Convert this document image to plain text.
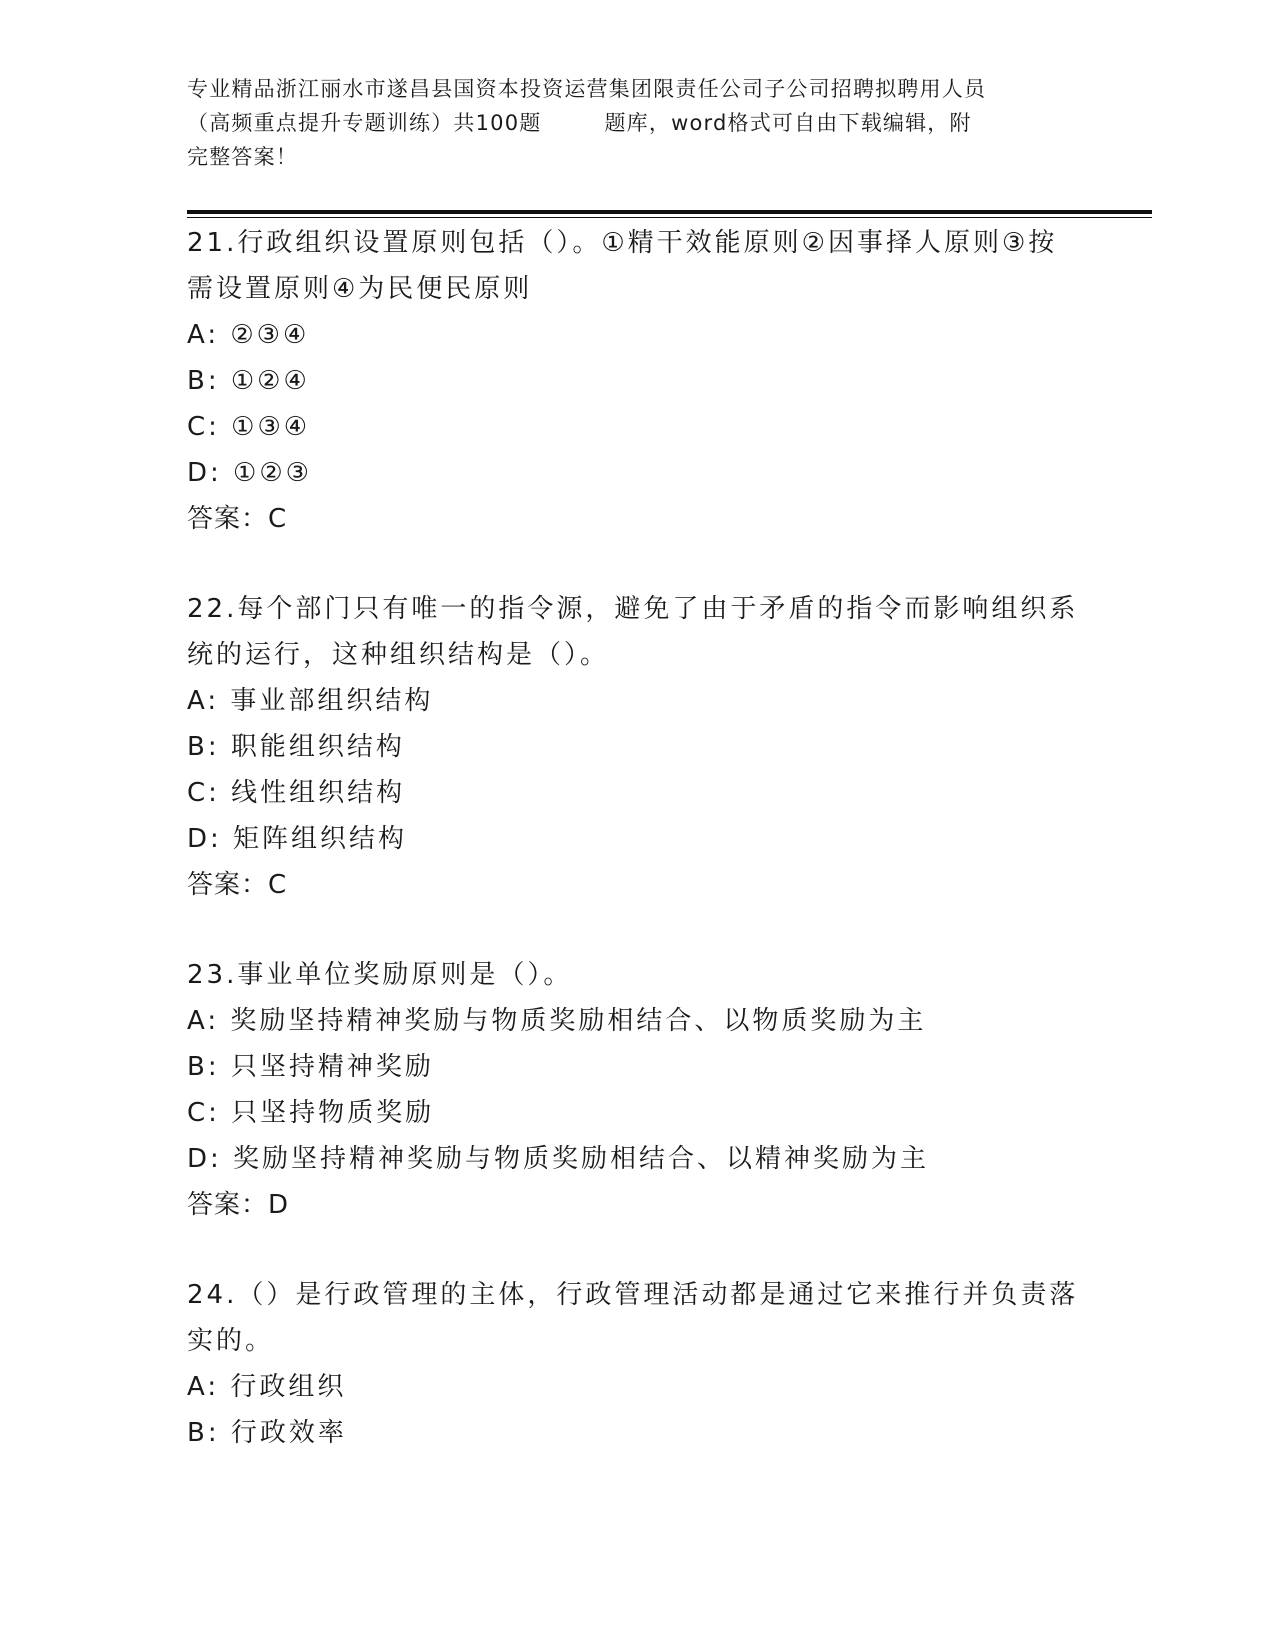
专业精品浙江丽水市遂昌县国资本投资运营集团限责任公司子公司招聘拟聘用人员
（高频重点提升专题训练）共100题        题库，word格式可自由下载编辑，附
完整答案！
21.行政组织设置原则包括（）。①精干效能原则②因事择人原则③按
需设置原则④为民便民原则
A: ②③④
B: ①②④
C: ①③④
D: ①②③
答案：C
22.每个部门只有唯一的指令源，避免了由于矛盾的指令而影响组织系
统的运行，这种组织结构是（）。
A: 事业部组织结构
B: 职能组织结构
C: 线性组织结构
D: 矩阵组织结构
答案：C
23.事业单位奖励原则是（）。
A: 奖励坚持精神奖励与物质奖励相结合、以物质奖励为主
B: 只坚持精神奖励
C: 只坚持物质奖励
D: 奖励坚持精神奖励与物质奖励相结合、以精神奖励为主
答案：D
24.（）是行政管理的主体，行政管理活动都是通过它来推行并负责落
实的。
A: 行政组织
B: 行政效率
